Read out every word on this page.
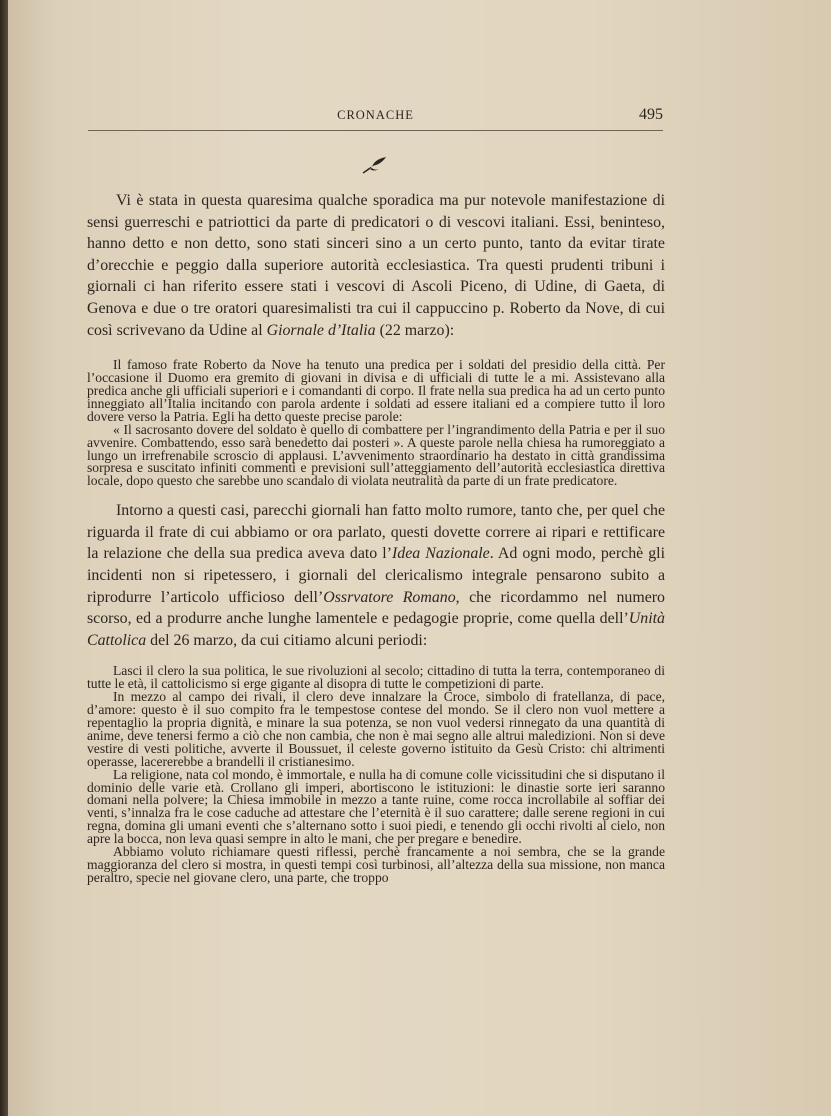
CRONACHE	495

Vi è stata in questa quaresima qualche sporadica ma pur notevole manifestazione di sensi guerreschi e patriottici da parte di predicatori o di vescovi italiani. Essi, beninteso, hanno detto e non detto, sono stati sinceri sino a un certo punto, tanto da evitar tirate d’orecchie e peggio dalla superiore autorità ecclesiastica. Tra questi prudenti tribuni i giornali ci han riferito essere stati i vescovi di Ascoli Piceno, di Udine, di Gaeta, di Genova e due o tre oratori quaresimalisti tra cui il cappuccino p. Roberto da Nove, di cui così scrivevano da Udine al Giornale d’Italia (22 marzo):

Il famoso frate Roberto da Nove ha tenuto una predica per i soldati del presidio della città. Per l’occasione il Duomo era gremito di giovani in divisa e di ufficiali di tutte le a mi. Assistevano alla predica anche gli ufficiali superiori e i comandanti di corpo. Il frate nella sua predica ha ad un certo punto inneggiato all’Italia incitando con parola ardente i soldati ad essere italiani ed a compiere tutto il loro dovere verso la Patria. Egli ha detto queste precise parole:

« Il sacrosanto dovere del soldato è quello di combattere per l’ingrandimento della Patria e per il suo avvenire. Combattendo, esso sarà benedetto dai posteri ». A queste parole nella chiesa ha rumoreggiato a lungo un irrefrenabile scroscio di applausi. L’avvenimento straordinario ha destato in città grandissima sorpresa e suscitato infiniti commenti e previsioni sull’atteggiamento dell’autorità ecclesiastica direttiva locale, dopo questo che sarebbe uno scandalo di violata neutralità da parte di un frate predicatore.

Intorno a questi casi, parecchi giornali han fatto molto rumore, tanto che, per quel che riguarda il frate di cui abbiamo or ora parlato, questi dovette correre ai ripari e rettificare la relazione che della sua predica aveva dato l’Idea Nazionale. Ad ogni modo, perchè gli incidenti non si ripetessero, i giornali del clericalismo integrale pensarono subito a riprodurre l’articolo ufficioso dell’Ossrvatore Romano, che ricordammo nel numero scorso, ed a produrre anche lunghe lamentele e pedagogie proprie, come quella dell’Unità Cattolica del 26 marzo, da cui citiamo alcuni periodi:

Lasci il clero la sua politica, le sue rivoluzioni al secolo; cittadino di tutta la terra, contemporaneo di tutte le età, il cattolicismo si erge gigante al disopra di tutte le competizioni di parte.

In mezzo al campo dei rivali, il clero deve innalzare la Croce, simbolo di fratellanza, di pace, d’amore: questo è il suo compito fra le tempestose contese del mondo. Se il clero non vuol mettere a repentaglio la propria dignità, e minare la sua potenza, se non vuol vedersi rinnegato da una quantità di anime, deve tenersi fermo a ciò che non cambia, che non è mai segno alle altrui maledizioni. Non si deve vestire di vesti politiche, avverte il Boussuet, il celeste governo istituito da Gesù Cristo: chi altrimenti operasse, lacererebbe a brandelli il cristianesimo.

La religione, nata col mondo, è immortale, e nulla ha di comune colle vicissitudini che si disputano il dominio delle varie età. Crollano gli imperi, abortiscono le istituzioni: le dinastie sorte ieri saranno domani nella polvere; la Chiesa immobile in mezzo a tante ruine, come rocca incrollabile al soffiar dei venti, s’innalza fra le cose caduche ad attestare che l’eternità è il suo carattere; dalle serene regioni in cui regna, domina gli umani eventi che s’alternano sotto i suoi piedi, e tenendo gli occhi rivolti al cielo, non apre la bocca, non leva quasi sempre in alto le mani, che per pregare e benedire.

Abbiamo voluto richiamare questi riflessi, perchè francamente a noi sembra, che se la grande maggioranza del clero si mostra, in questi tempi così turbinosi, all’altezza della sua missione, non manca peraltro, specie nel giovane clero, una parte, che troppo
